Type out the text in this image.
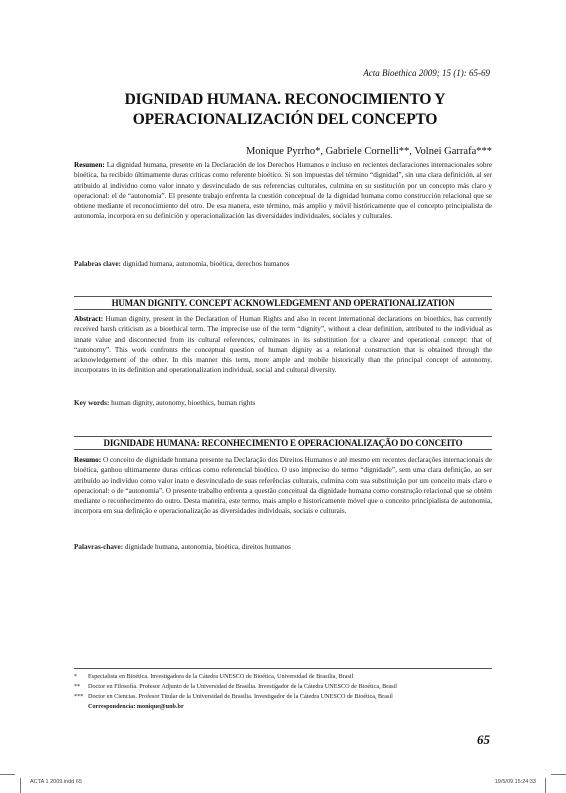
Acta Bioethica 2009; 15 (1): 65-69
DIGNIDAD HUMANA. RECONOCIMIENTO Y
OPERACIONALIZACIÓN DEL CONCEPTO
Monique Pyrrho*, Gabriele Cornelli**, Volnei Garrafa***
Resumen: La dignidad humana, presente en la Declaración de los Derechos Humanos e incluso en recientes declaraciones internacionales sobre bioética, ha recibido últimamente duras críticas como referente bioético. Si son impuestas del término “dignidad”, sin una clara definición, al ser atribuido al individuo como valor innato y desvinculado de sus referencias culturales, culmina en su sustitución por un concepto más claro y operacional: el de “autonomía”. El presente trabajo enfrenta la cuestión conceptual de la dignidad humana como construcción relacional que se obtiene mediante el reconocimiento del otro. De esa manera, este término, más amplio y móvil históricamente que el concepto principialista de autonomía, incorpora en su definición y operacionalización las diversidades individuales, sociales y culturales.
Palabras clave: dignidad humana, autonomía, bioética, derechos humanos
HUMAN DIGNITY. CONCEPT ACKNOWLEDGEMENT AND OPERATIONALIZATION
Abstract: Human dignity, present in the Declaration of Human Rights and also in recent international declarations on bioethics, has currently received harsh criticism as a bioethical term. The imprecise use of the term “dignity”, without a clear definition, attributed to the individual as innate value and disconnected from its cultural references, culminates in its substitution for a clearer and operational concept: that of “autonomy”. This work confronts the conceptual question of human dignity as a relational construction that is obtained through the acknowledgement of the other. In this manner this term, more ample and mobile historically than the principal concept of autonomy, incorporates in its definition and operationalization individual, social and cultural diversity.
Key words: human dignity, autonomy, bioethics, human rights
DIGNIDADE HUMANA: RECONHECIMENTO E OPERACIONALIZAÇÃO DO CONCEITO
Resumo: O conceito de dignidade humana presente na Declaração dos Direitos Humanos e até mesmo em recentes declarações internacionais de bioética, ganhou ultimamente duras críticas como referencial bioético. O uso impreciso do termo “dignidade”, sem uma clara definição, ao ser atribuído ao indivíduo como valor inato e desvinculado de suas referências culturais, culmina com sua substituição por um conceito mais claro e operacional: o de “autonomia”. O presente trabalho enfrenta a questão conceitual da dignidade humana como construção relacional que se obtém mediante o reconhecimento do outro. Desta maneira, este termo, mais amplo e historicamente móvel que o conceito principialista de autonomia, incorpora em sua definição e operacionalização as diversidades individuais, sociais e culturais.
Palavras-chave: dignidade humana, autonomia, bioética, direitos humanos
*	Especialista en Bioética. Investigadora de la Cátedra UNESCO de Bioética, Universidad de Brasilia, Brasil
**	Doctor en Filosofía. Profesor Adjunto de la Universidad de Brasilia. Investigador de la Cátedra UNESCO de Bioética, Brasil
*** Doctor en Ciencias. Profesor Titular de la Universidad de Brasilia. Investigador de la Cátedra UNESCO de Bioética, Brasil
Correspondencia: monique@unb.br
65
ACTA 1 2009.indd 65	19/5/09 15:24:33
